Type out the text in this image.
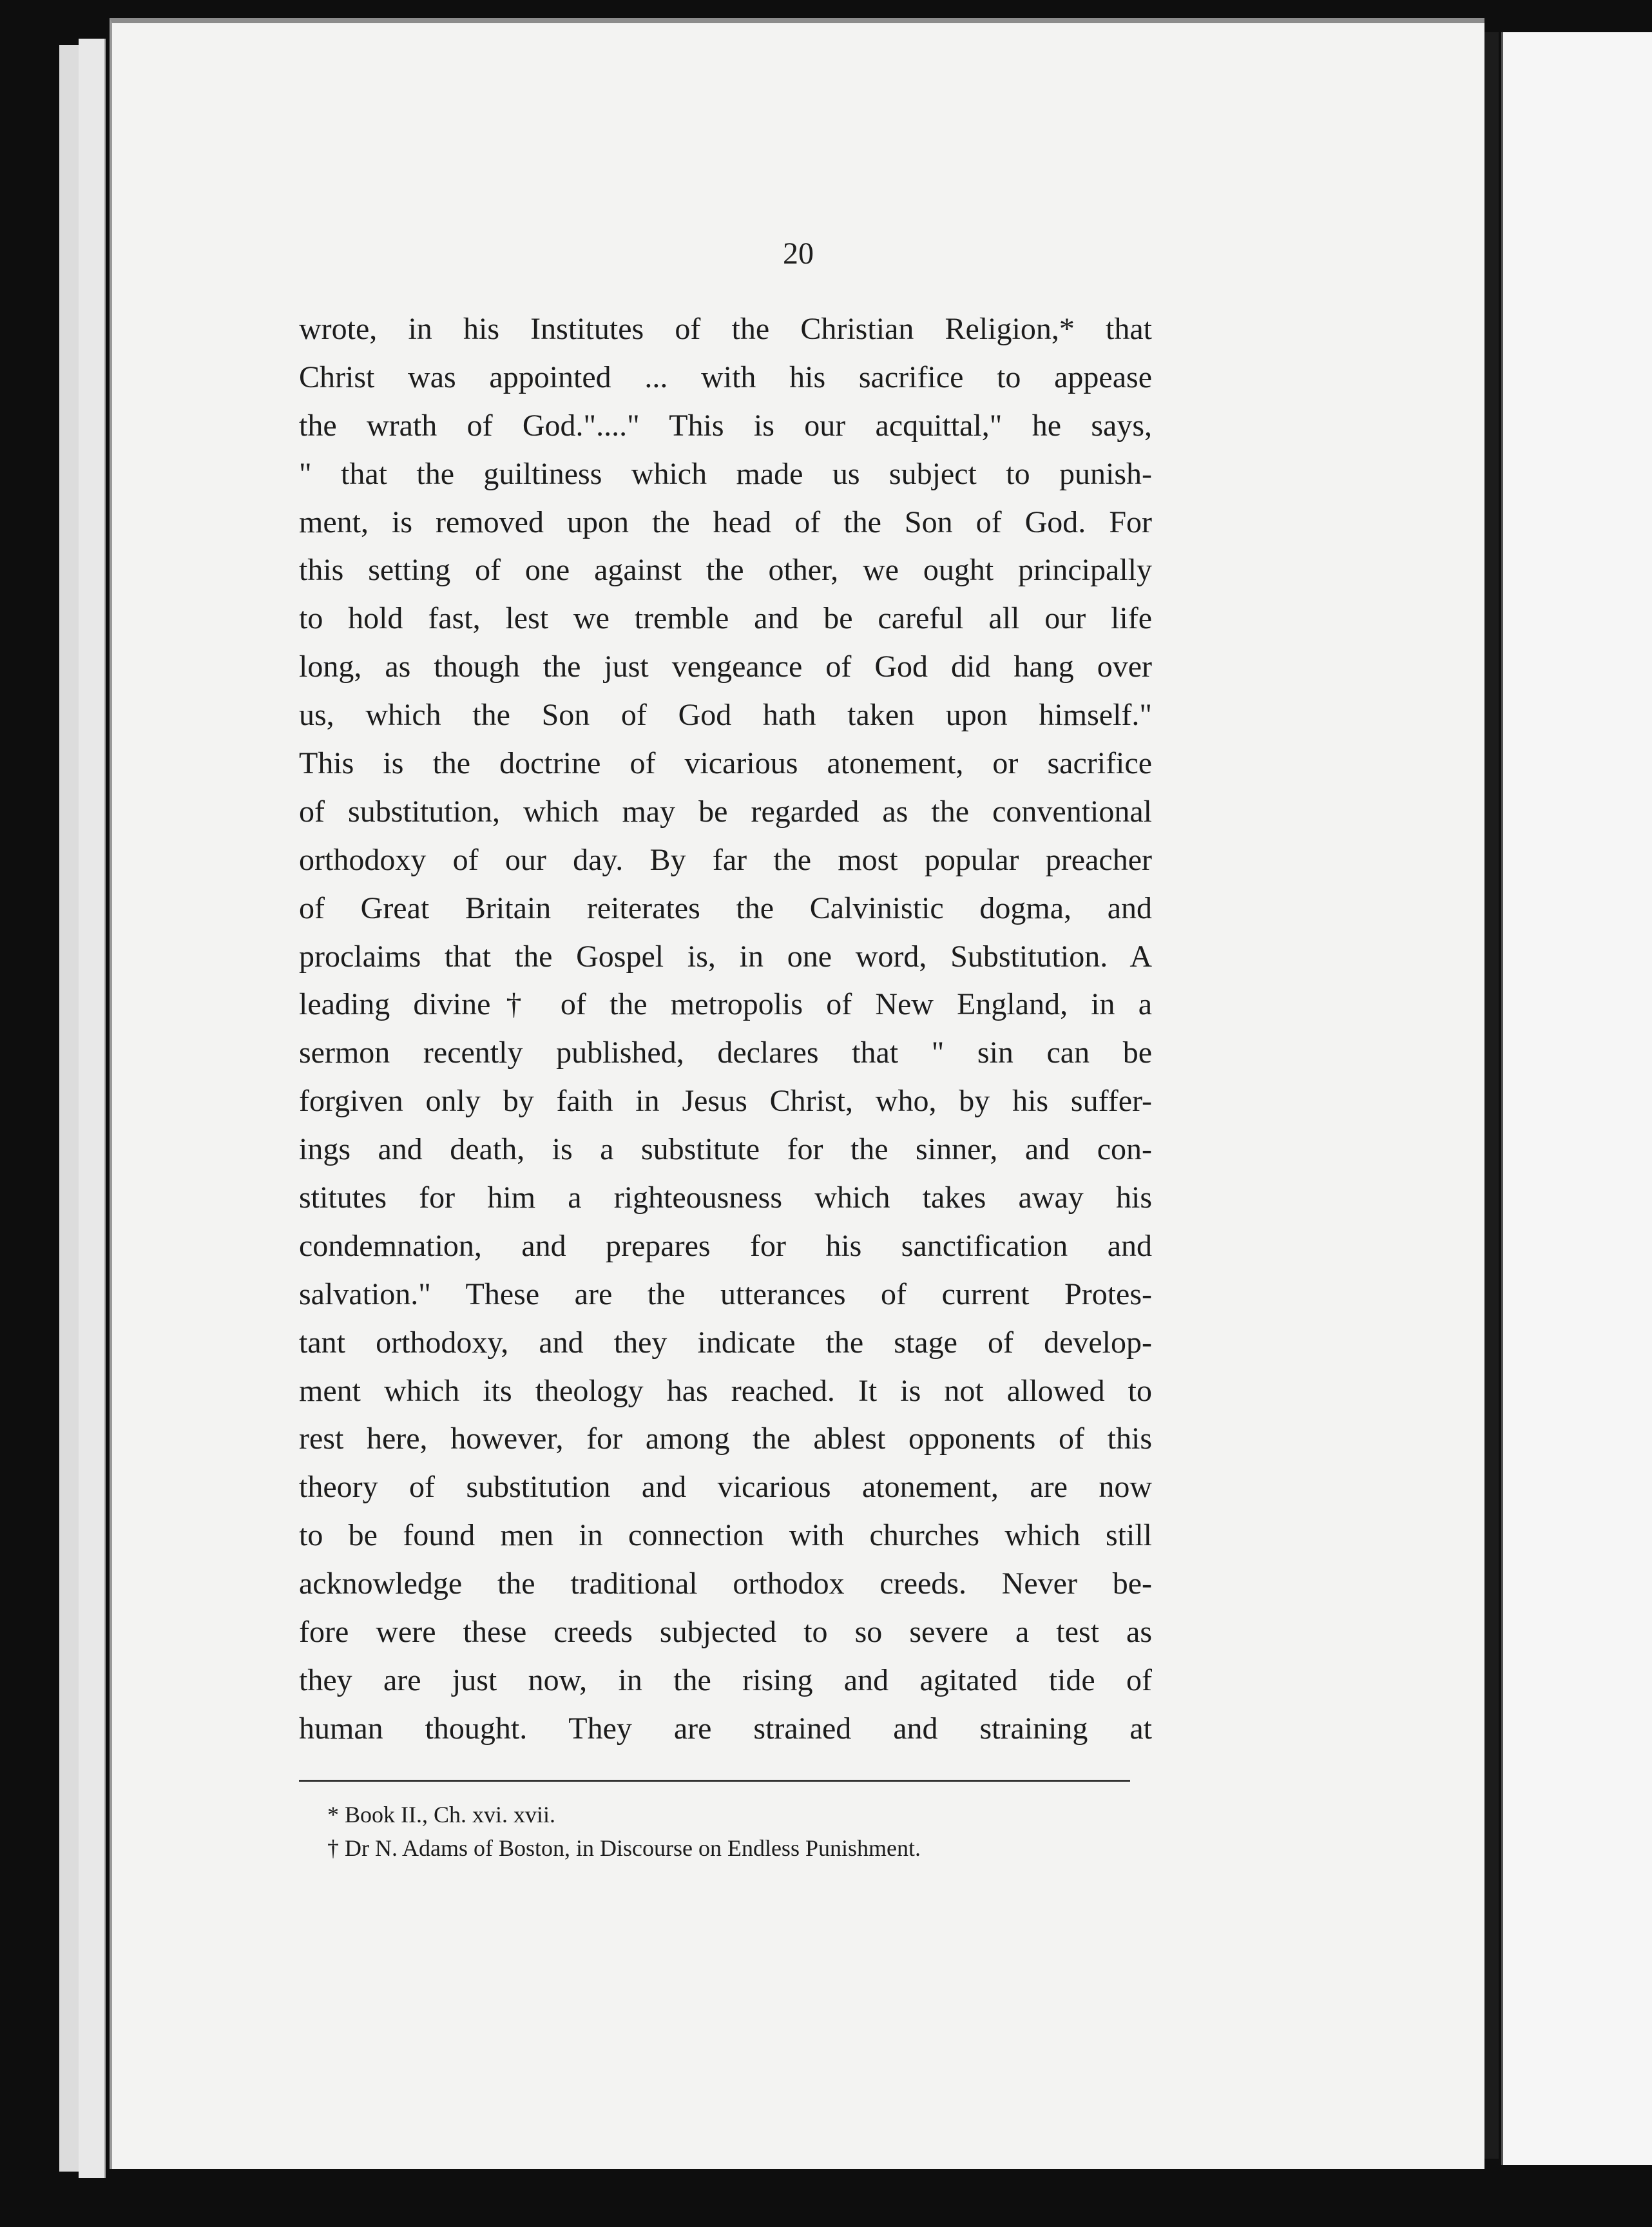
20
wrote, in his Institutes of the Christian Religion,* that
Christ was appointed ... with his sacrifice to appease
the wrath of God."...." This is our acquittal," he says,
" that the guiltiness which made us subject to punish-
ment, is removed upon the head of the Son of God. For
this setting of one against the other, we ought principally
to hold fast, lest we tremble and be careful all our life
long, as though the just vengeance of God did hang over
us, which the Son of God hath taken upon himself."
This is the doctrine of vicarious atonement, or sacrifice
of substitution, which may be regarded as the conventional
orthodoxy of our day. By far the most popular preacher
of Great Britain reiterates the Calvinistic dogma, and
proclaims that the Gospel is, in one word, Substitution. A
leading divine† of the metropolis of New England, in a
sermon recently published, declares that " sin can be
forgiven only by faith in Jesus Christ, who, by his suffer-
ings and death, is a substitute for the sinner, and con-
stitutes for him a righteousness which takes away his
condemnation, and prepares for his sanctification and
salvation." These are the utterances of current Protes-
tant orthodoxy, and they indicate the stage of develop-
ment which its theology has reached. It is not allowed to
rest here, however, for among the ablest opponents of this
theory of substitution and vicarious atonement, are now
to be found men in connection with churches which still
acknowledge the traditional orthodox creeds. Never be-
fore were these creeds subjected to so severe a test as
they are just now, in the rising and agitated tide of
human thought. They are strained and straining at
* Book II., Ch. xvi. xvii.
† Dr N. Adams of Boston, in Discourse on Endless Punishment.
